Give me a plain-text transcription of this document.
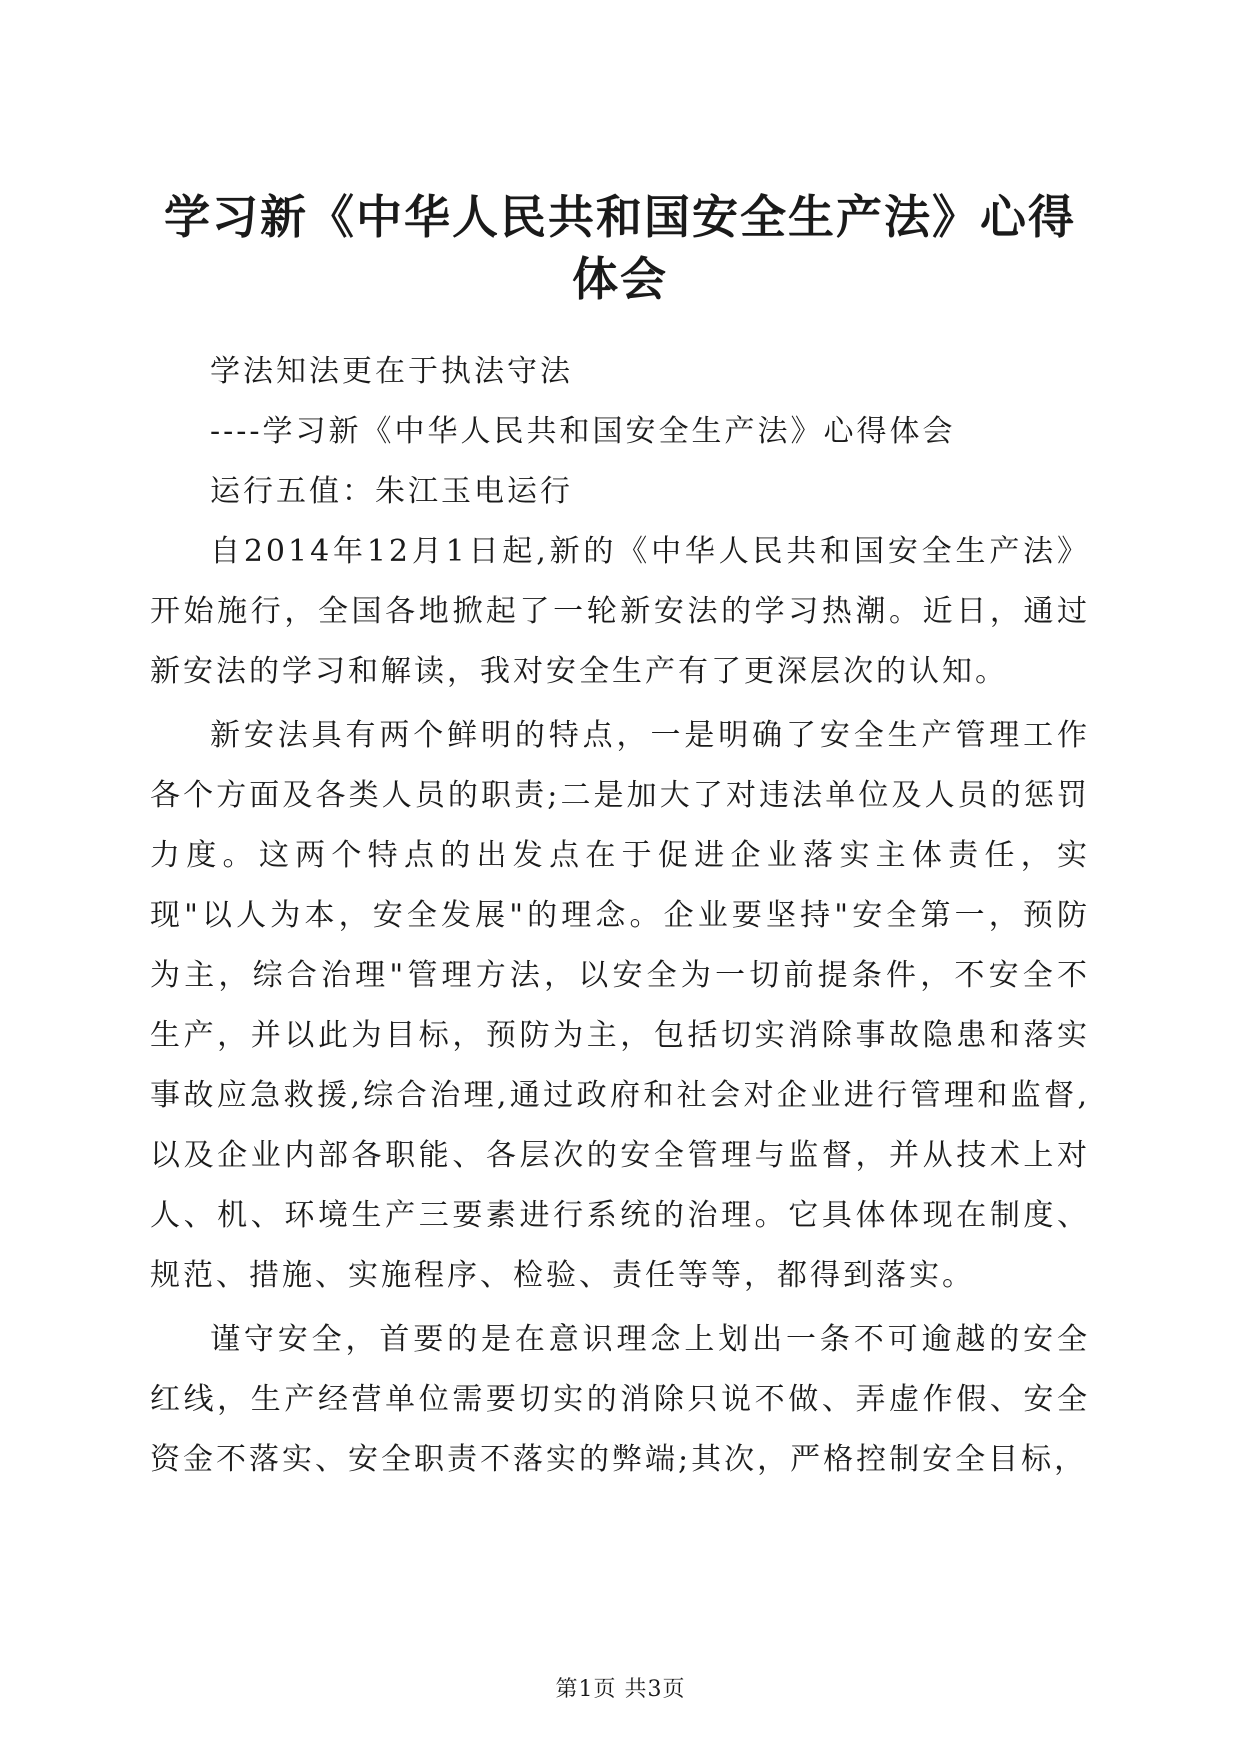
学习新《中华人民共和国安全生产法》心得体会

学法知法更在于执法守法

----学习新《中华人民共和国安全生产法》心得体会

运行五值：朱江玉电运行

自2014年12月1日起,新的《中华人民共和国安全生产法》开始施行，全国各地掀起了一轮新安法的学习热潮。近日，通过新安法的学习和解读，我对安全生产有了更深层次的认知。

新安法具有两个鲜明的特点，一是明确了安全生产管理工作各个方面及各类人员的职责;二是加大了对违法单位及人员的惩罚力度。这两个特点的出发点在于促进企业落实主体责任，实现"以人为本，安全发展"的理念。企业要坚持"安全第一，预防为主，综合治理"管理方法，以安全为一切前提条件，不安全不生产，并以此为目标，预防为主，包括切实消除事故隐患和落实事故应急救援,综合治理,通过政府和社会对企业进行管理和监督,以及企业内部各职能、各层次的安全管理与监督，并从技术上对人、机、环境生产三要素进行系统的治理。它具体体现在制度、规范、措施、实施程序、检验、责任等等，都得到落实。

谨守安全，首要的是在意识理念上划出一条不可逾越的安全红线，生产经营单位需要切实的消除只说不做、弄虚作假、安全资金不落实、安全职责不落实的弊端;其次，严格控制安全目标，

第1页 共3页
